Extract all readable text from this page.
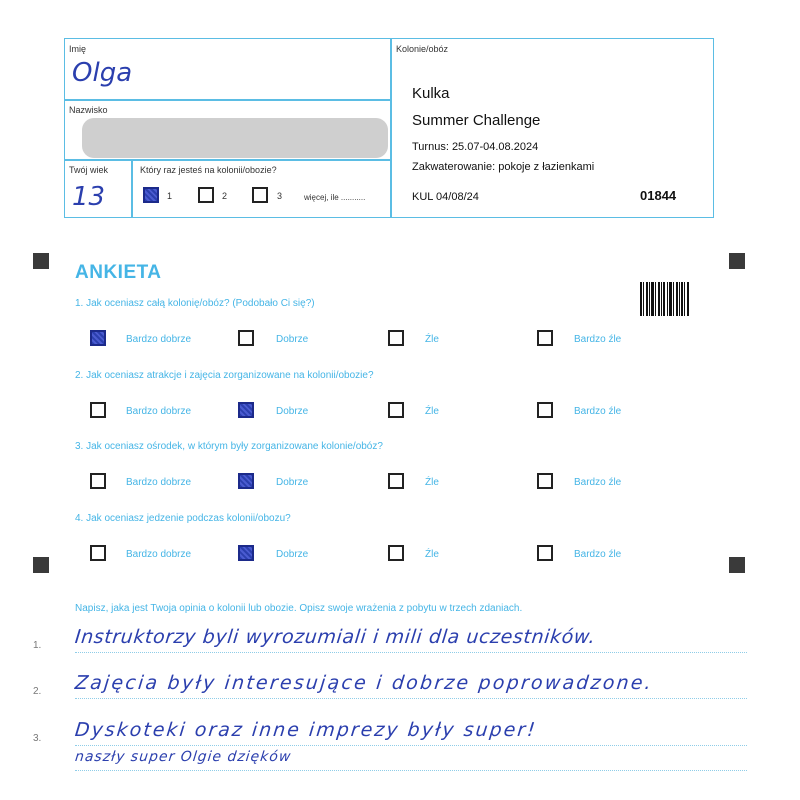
Imię
Olga
Nazwisko
Twój wiek
13
Który raz jesteś na kolonii/obozie?
1	2	3	więcej, ile ...........
Kolonie/obóz
Kulka
Summer Challenge
Turnus: 25.07-04.08.2024
Zakwaterowanie: pokoje z łazienkami
KUL 04/08/24	01844
ANKIETA
1. Jak oceniasz całą kolonię/obóz? (Podobało Ci się?)
Bardzo dobrze	Dobrze	Źle	Bardzo źle
2. Jak oceniasz atrakcje i zajęcia zorganizowane na kolonii/obozie?
Bardzo dobrze	Dobrze	Źle	Bardzo źle
3. Jak oceniasz ośrodek, w którym były zorganizowane kolonie/obóz?
Bardzo dobrze	Dobrze	Źle	Bardzo źle
4. Jak oceniasz jedzenie podczas kolonii/obozu?
Bardzo dobrze	Dobrze	Źle	Bardzo źle
Napisz, jaka jest Twoja opinia o kolonii lub obozie. Opisz swoje wrażenia z pobytu w trzech zdaniach.
1. Instruktorzy byli wyrozumiali i mili dla uczestników.
2. Zajęcia były interesujące i dobrze poprowadzone.
3. Dyskoteki oraz inne imprezy były super!
naszły super Olgie dzięków
